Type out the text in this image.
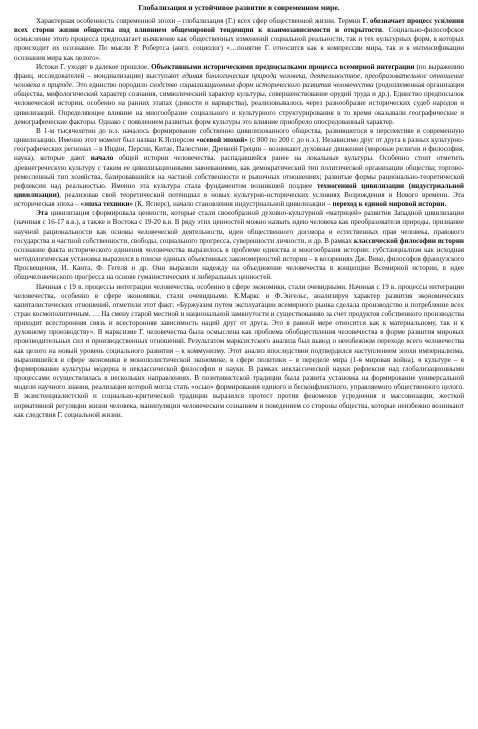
Глобализация и устойчивое развитие в современном мире.

Характерная особенность современной эпохи – глобализация (Г.) всех сфер общественной жизни. Термин Г. обозначает процесс усиления всех сторон жизни общества под влиянием общемировой тенденции к взаимозависимости и открытости. Социально-философское осмысление этого процесса предполагает выявление как общественных изменений социальной реальности, так и тех культурных форм, в которых происходит их осознание. По мысли Р. Робертса (англ. социолог) «…понятие Г. относится как к компрессии мира, так и к интенсификации осознания мира как целого».

Истоки Г. уходят в далекое прошлое. Объективными историческими предпосылками процесса всемирной интеграции (по выражению франц. исследователей – мондиализации) выступают единая биологическая природа человека, деятельностное, преобразовательное отношение человека к природе. Это единство породило сходство социализационных форм исторического развития человечества (родоплеменная организация общества, мифологический характер сознания, символический характер культуры, совершенствование орудий труда и др.). Единство предпосылок человеческой истории, особенно на ранних этапах (дикости и варварства), реализовывалось через разнообразие исторических судеб народов и цивилизаций. Определяющее влияние на многообразие социального и культурного структурирования в то время оказывали географические и демографические факторы. Однако с появлением развитых форм культуры это влияние приобрело опосредованный характер.

В 1-м тысячелетии до н.э. началось формирование собственно цивилизованного общества, развившегося в перспективе в современную цивилизацию. Именно этот момент был назван К.Ясперсом «осевой эпохой» (с 800 по 200 г. до н.э.). Независимо друг от друга в разных культурно-географических регионах – в Индии, Персии, Китае, Палестине, Древней Греции – возникают духовные движения (мировые религии и философия, наука), которые дают начало общей истории человечества, распадавшейся ранее на локальные культуры. Особенно стоит отметить древнегреческую культуру с таким ее цивилизационными завоеваниями, как демократический тип политической организации общества; торгово-ремесленный тип хозяйства, базировавшийся на частной собственности и рыночных отношениях; развитые формы рационально-теоретической рефлексии над реальностью. Именно эта культура стала фундаментом возникшей позднее техногенной цивилизации (индустриальной цивилизации), реализовав свой теоретический потенциал в новых культурно-исторических условиях Возрождения и Нового времени. Эта историческая эпоха – «эпоха техники» (К. Ясперс), начало становления индустриальной цивилизации – переход к единой мировой истории.

Эта цивилизация сформировала ценности, которые стали своеобразной духовно-культурной «матрицей» развития Западной цивилизации (начиная с 16-17 в.в.), а также и Востока с 19-20 в.в. В ряду этих ценностей можно назвать идею человека как преобразователя природы, признание научной рациональности как основы человеческой деятельности, идеи общественного договора и естественных прав человека, правового государства и частной собственности, свободы, социального прогресса, суверенности личности, и др. В рамках классической философии истории осознание факта исторического единения человечества выразилось в проблеме единства и многообразия истории: субстанциализм как исходная методологическая установка выразился в поиске единых объективных закономерностей истории – в воззрениях Дж. Вико, философов французского Просвещения, И. Канта, Ф. Гегеля и др. Они выразили надежду на объединение человечества в концепции Всемирной истории, в идее общечеловеческого прогресса на основе гуманистических и либеральных ценностей.

Начиная с 19 в. процессы интеграции человечества, особенно в сфере экономики, стали очевидными. Начиная с 19 в. процессы интеграции человечества, особенно в сфере экономики, стали очевидными. К.Маркс и Ф.Энгельс, анализируя характер развития экономических капиталистических отношений, отметили этот факт: «Буржуазия путем эксплуатации всемирного рынка сделала производство и потребление всех стран космополитичным. … На смену старой местной и национальной замкнутости и существованию за счет продуктов собственного производства приходит всесторонняя связь и всесторонняя зависимость наций друг от друга. Это в равной мере относится как к материальному, так и к духовному производству». В марксизме Г. человечества была осмыслена как проблема обобществления человечества в форме развития мировых производительных сил и производственных отношений. Результатом марксистского анализа был вывод о неизбежном переходе всего человечества как целого на новый уровень социального развития – к коммунизму. Этот анализ впоследствии подтвердился наступлением эпохи империализма, выразившейся в сфере экономики в монополистической экономике, в сфере политики – в переделе мира (1-я мировая война), в культуре – в формировании культуры модерна и неклассической философии и науки. В рамках неклассической науки рефлексия над глобализационными процессами осуществлялась в нескольких направлениях. В позитивистской традиции была развита установка на формирование универсальной модели научного знания, реализация которой могла стать «осью» формирования единого и бесконфликтного, управляемого общественного целого. В экзистенциалистской и социально-критической традиции выразился протест против феноменов усреднения и массовизации, жесткой нормативной регуляции жизни человека, манипуляции человеческим сознанием и поведением со стороны общества, которые неизбежно возникают как следствия Г. социальной жизни.
